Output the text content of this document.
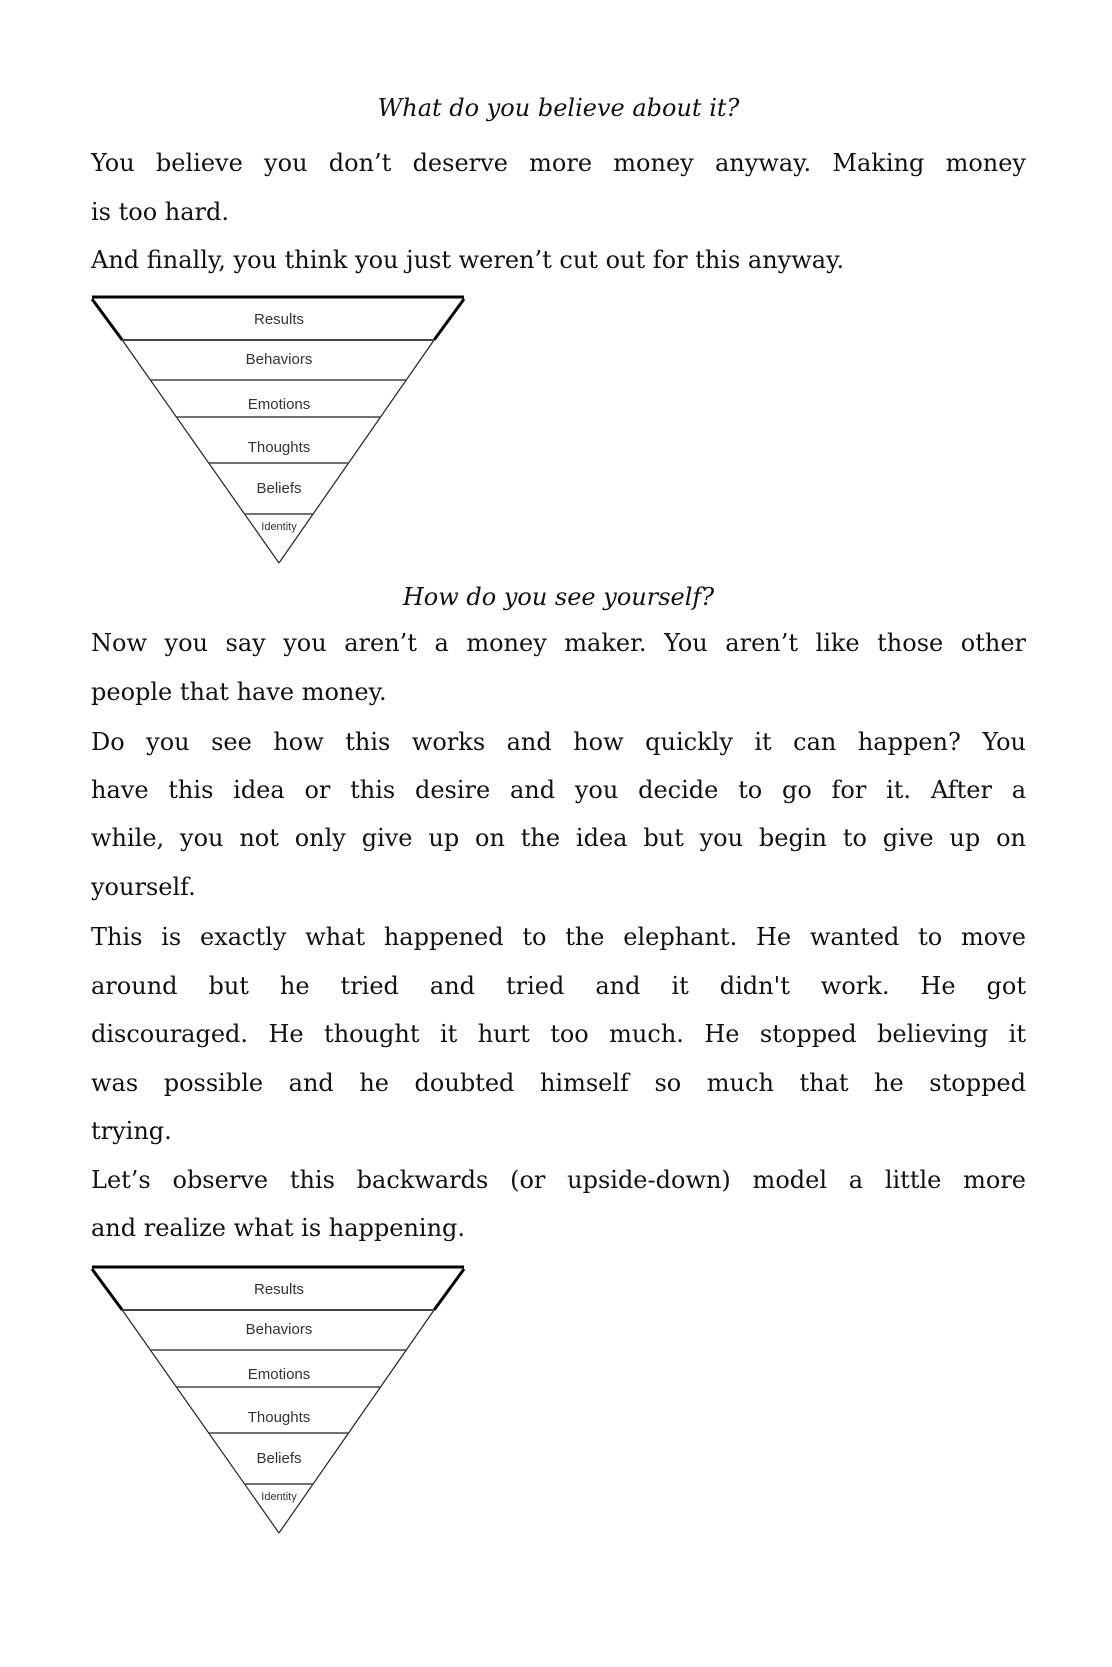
What do you believe about it?
You believe you don’t deserve more money anyway. Making money
is too hard.
And finally, you think you just weren’t cut out for this anyway.
Results
Behaviors
Emotions
Thoughts
Beliefs
Identity
How do you see yourself?
Now you say you aren’t a money maker. You aren’t like those other
people that have money.
Do you see how this works and how quickly it can happen? You
have this idea or this desire and you decide to go for it. After a
while, you not only give up on the idea but you begin to give up on
yourself.
This is exactly what happened to the elephant. He wanted to move
around but he tried and tried and it didn't work. He got
discouraged. He thought it hurt too much. He stopped believing it
was possible and he doubted himself so much that he stopped
trying.
Let’s observe this backwards (or upside-down) model a little more
and realize what is happening.
Results
Behaviors
Emotions
Thoughts
Beliefs
Identity
